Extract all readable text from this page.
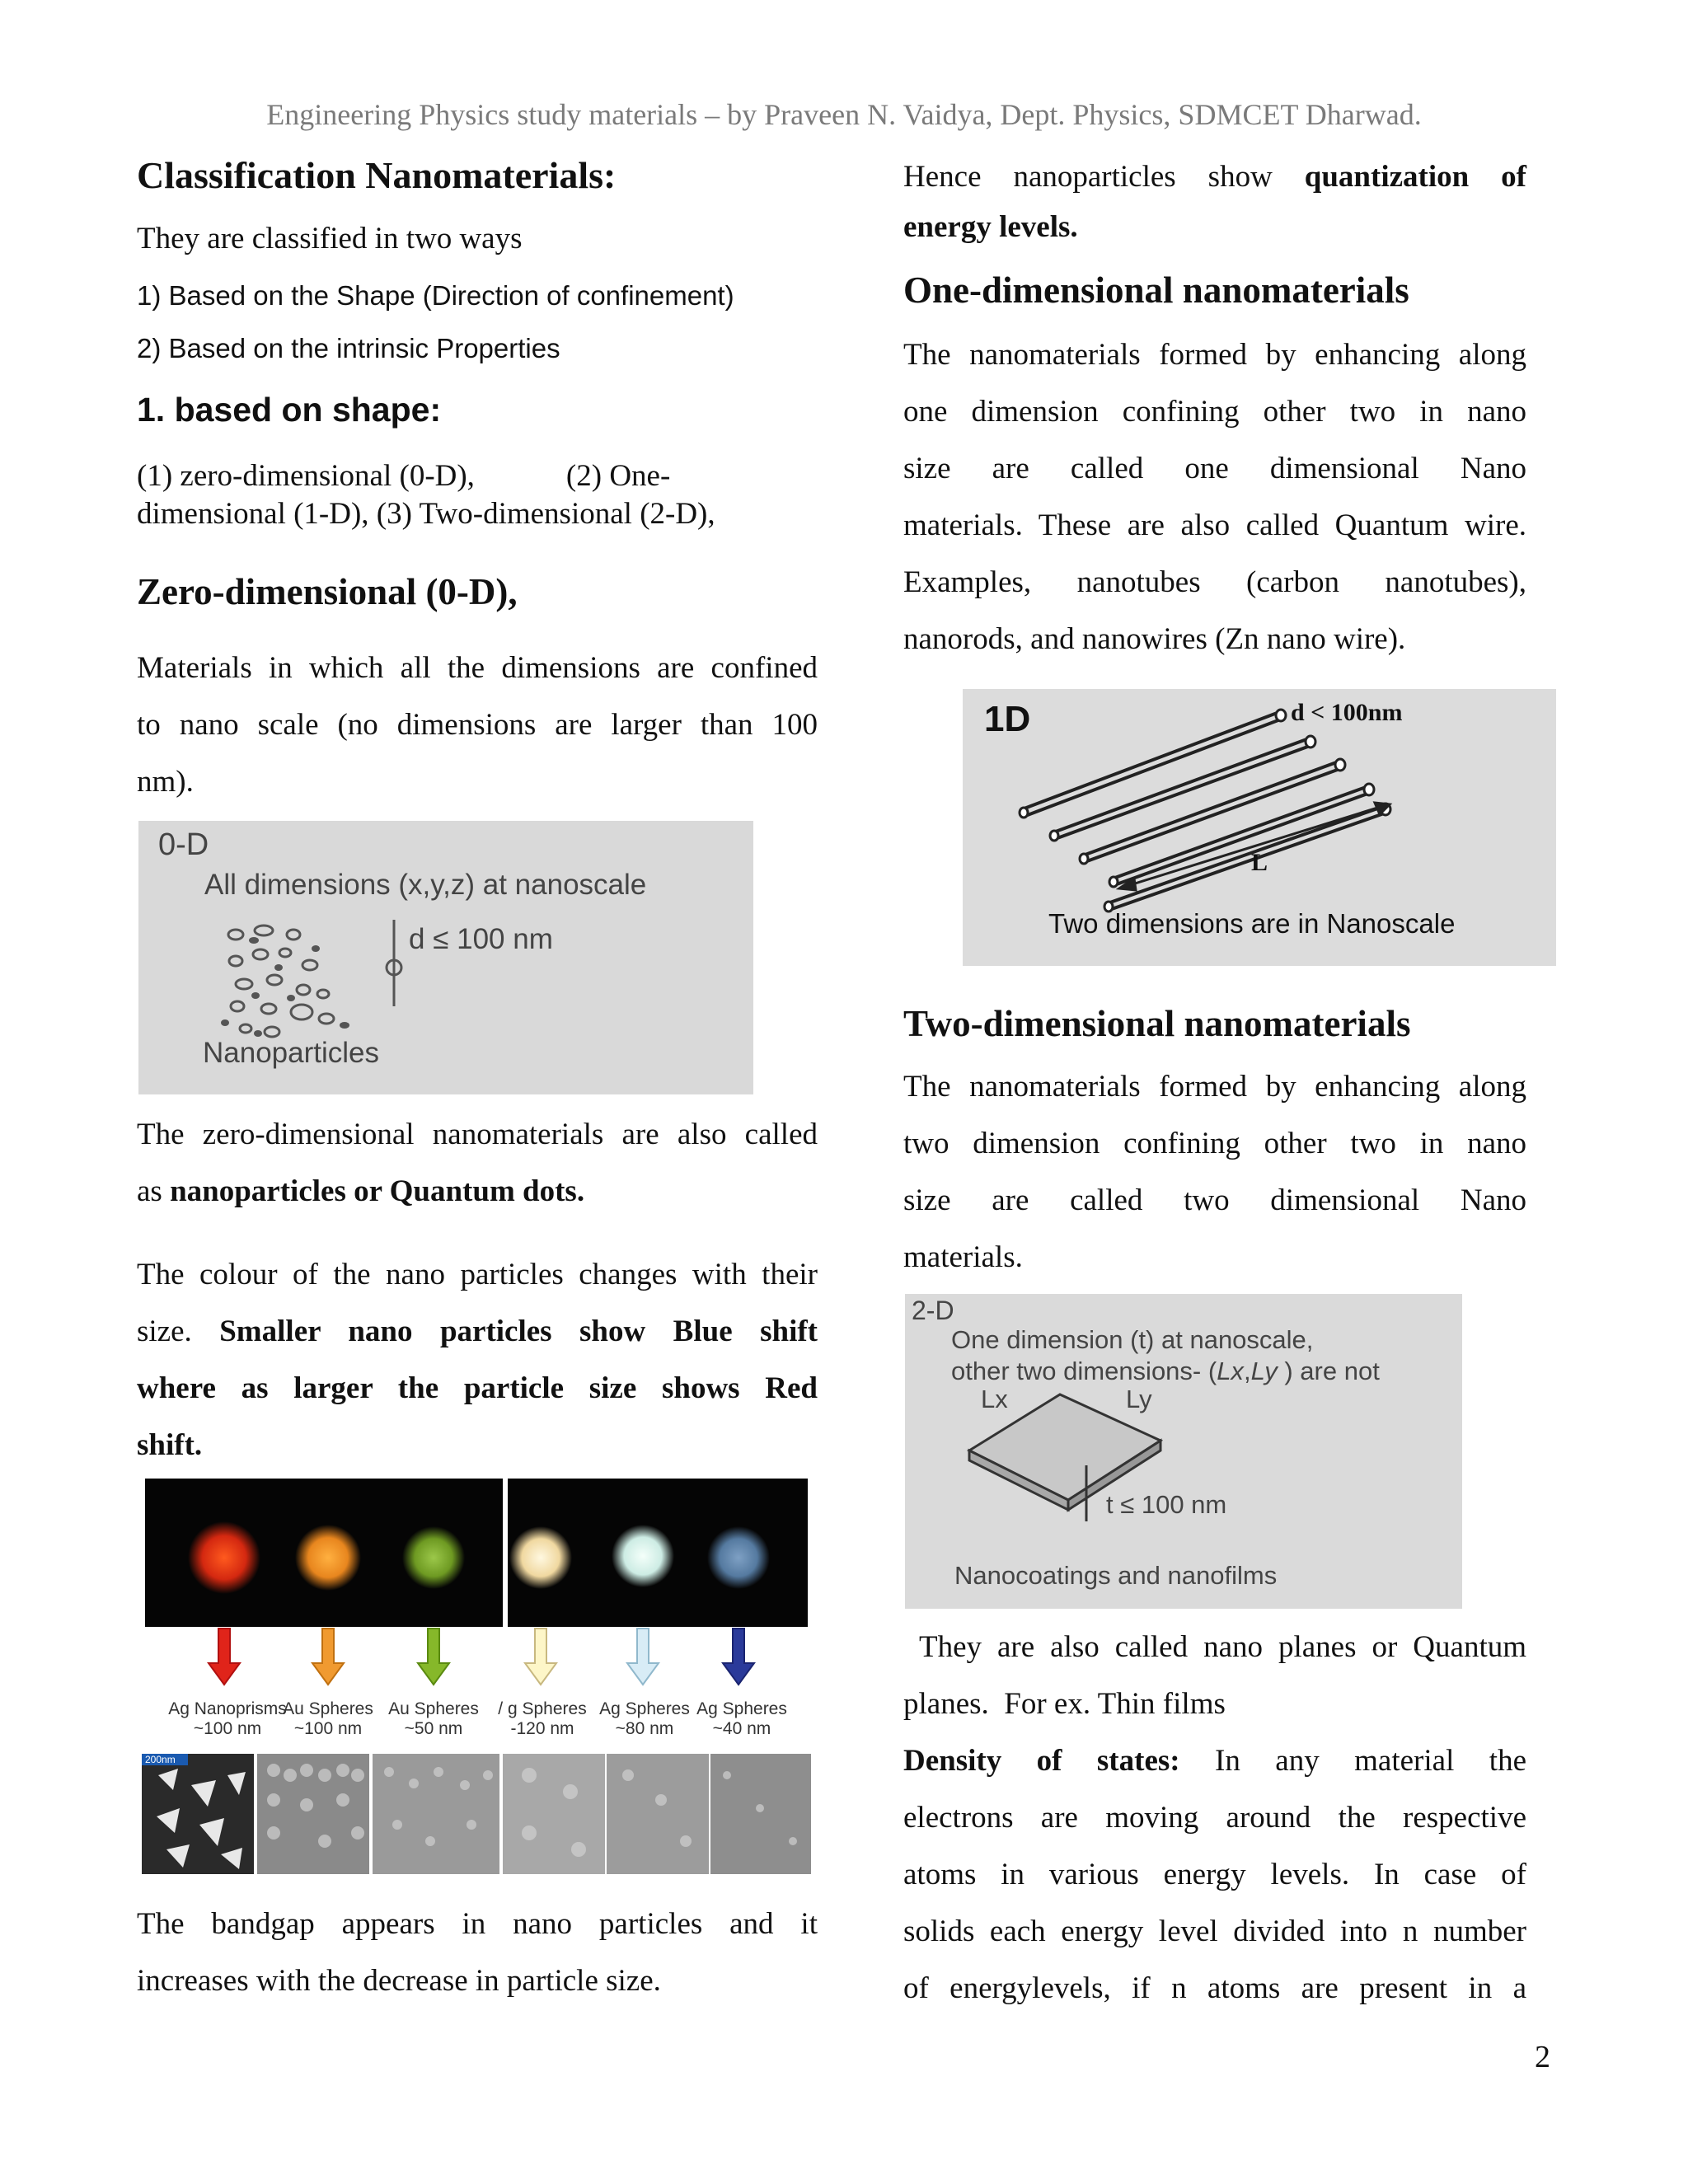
Engineering Physics study materials – by Praveen N. Vaidya, Dept. Physics, SDMCET Dharwad.
Classification Nanomaterials:
They are classified in two ways
1) Based on the Shape (Direction of confinement)
2) Based on the intrinsic Properties
1. based on shape:
(1) zero-dimensional (0-D),            (2) One-
dimensional (1-D), (3) Two-dimensional (2-D),
Zero-dimensional (0-D),
Materials in which all the dimensions are confined
to nano scale (no dimensions are larger than 100
nm).
0-D
All dimensions (x,y,z) at nanoscale
d ≤ 100 nm
Nanoparticles
The zero-dimensional nanomaterials are also called
as nanoparticles or Quantum dots.
The colour of the nano particles changes with their
size. Smaller nano particles show Blue shift
where as larger the particle size shows Red
shift.
200nm
Ag Nanoprisms
~100 nm
Au Spheres
~100 nm
Au Spheres
~50 nm
/ g Spheres
-120 nm
Ag Spheres
~80 nm
Ag Spheres
~40 nm
The bandgap appears in nano particles and it
increases with the decrease in particle size.
Hence nanoparticles show quantization of
energy levels.
One-dimensional nanomaterials
The nanomaterials formed by enhancing along
one dimension confining other two in nano
size are called one dimensional Nano
materials. These are also called Quantum wire.
Examples, nanotubes (carbon nanotubes),
nanorods, and nanowires (Zn nano wire).
1D	d < 100nm
L
Two dimensions are in Nanoscale
Two-dimensional nanomaterials
The nanomaterials formed by enhancing along
two dimension confining other two in nano
size are called two dimensional Nano
materials.
2-D
One dimension (t) at nanoscale,
other two dimensions- (Lx,Ly ) are not
Lx	Ly
t ≤ 100 nm
Nanocoatings and nanofilms
They are also called nano planes or Quantum
planes.  For ex. Thin films
Density of states: In any material the
electrons are moving around the respective
atoms in various energy levels. In case of
solids each energy level divided into n number
of energylevels, if n atoms are present in a
2
